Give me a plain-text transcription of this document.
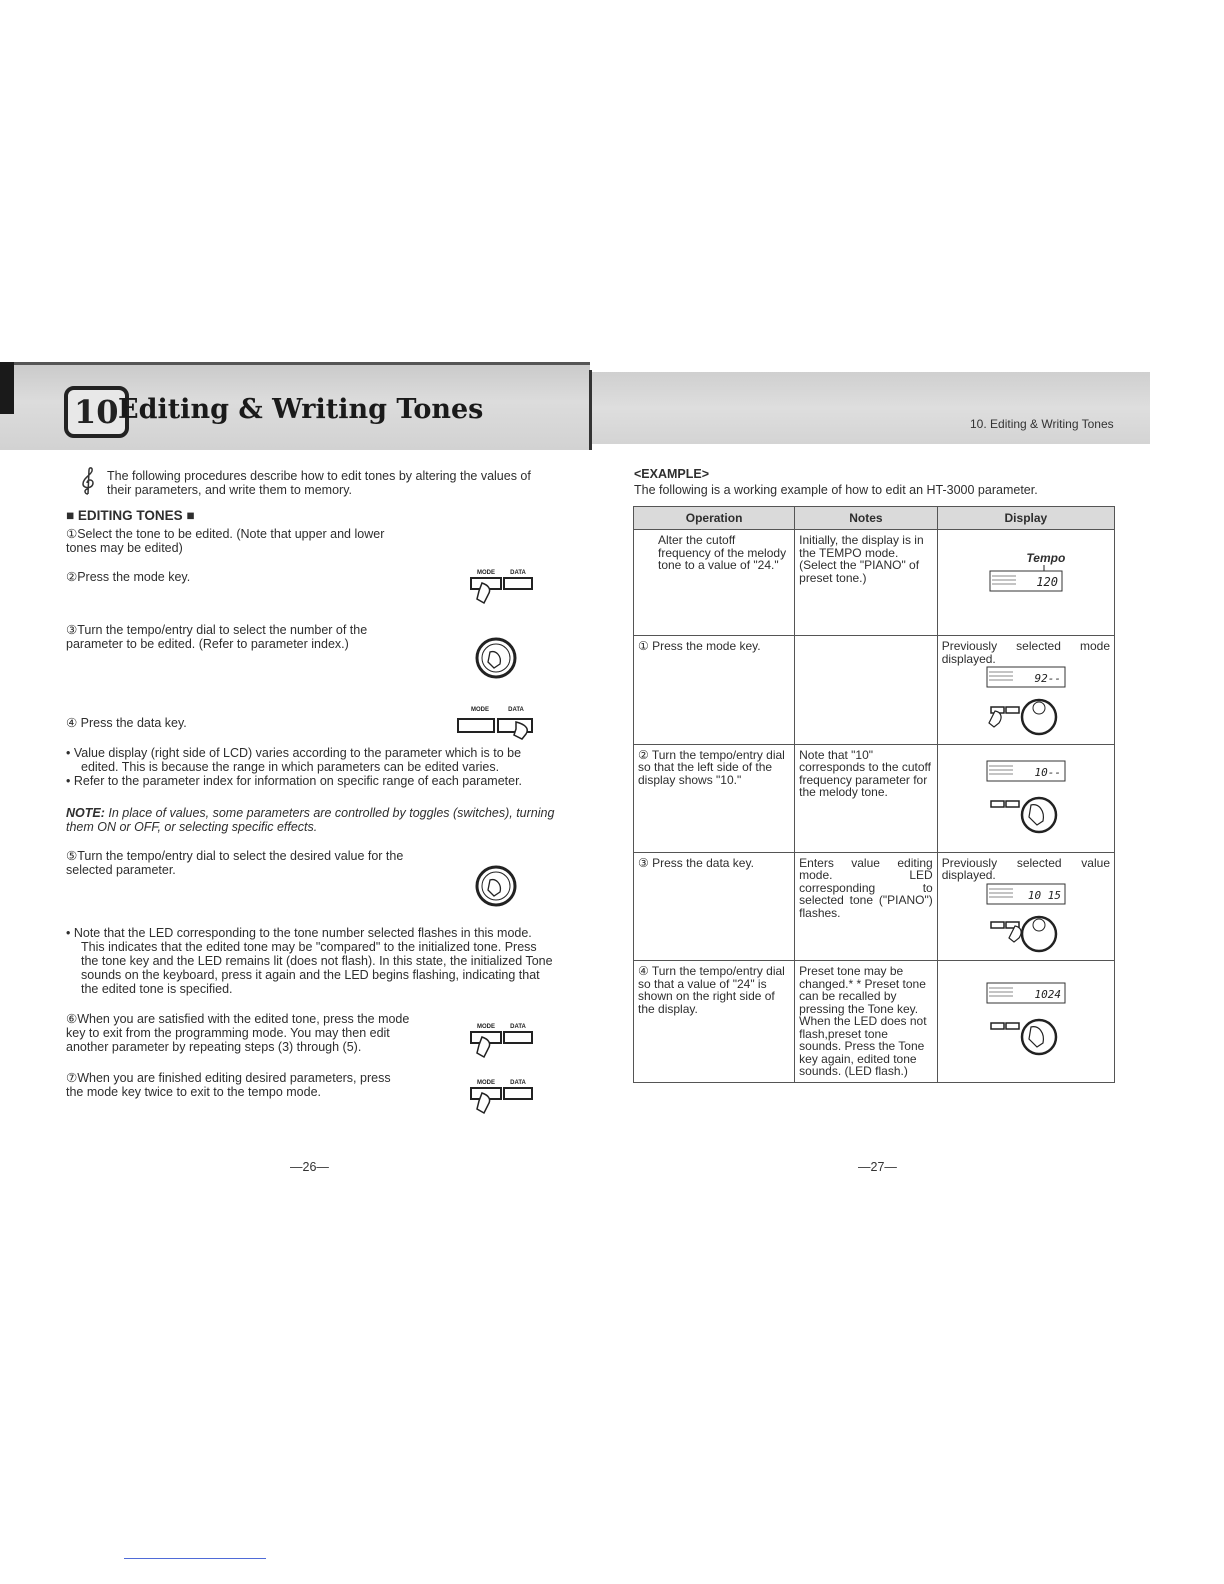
10 Editing & Writing Tones	10. Editing & Writing Tones
The following procedures describe how to edit tones by altering the values of their parameters, and write them to memory.
■ EDITING TONES ■
①Select the tone to be edited. (Note that upper and lower tones may be edited)
②Press the mode key.	MODE	DATA
③Turn the tempo/entry dial to select the number of the parameter to be edited. (Refer to parameter index.)
MODE	DATA
④ Press the data key.

• Value display (right side of LCD) varies according to the parameter which is to be edited. This is because the range in which parameters can be edited varies.

• Refer to the parameter index for information on specific range of each parameter.

NOTE: In place of values, some parameters are controlled by toggles (switches), turning them ON or OFF, or selecting specific effects.
⑤Turn the tempo/entry dial to select the desired value for the selected parameter.

• Note that the LED corresponding to the tone number selected flashes in this mode. This indicates that the edited tone may be "compared" to the initialized tone. Press the tone key and the LED remains lit (does not flash). In this state, the initialized Tone sounds on the keyboard, press it again and the LED begins flashing, indicating that the edited tone is specified.

⑥When you are satisfied with the edited tone, press the mode key to exit from the programming mode. You may then edit another parameter by repeating steps (3) through (5).
MODE	DATA
⑦When you are finished editing desired parameters, press the mode key twice to exit to the tempo mode.
MODE	DATA
—26—
<EXAMPLE>
The following is a working example of how to edit an HT-3000 parameter.
Operation	Notes	Display
Alter the cutoff frequency of the melody tone to a value of "24."	Initially, the display is in the TEMPO mode. (Select the "PIANO" of preset tone.)	Tempo
120

① Press the mode key.		Previously selected mode displayed.
92--

② Turn the tempo/entry dial so that the left side of the display shows "10."	Note that "10" corresponds to the cutoff frequency parameter for the melody tone.	10--

③ Press the data key.	Enters value editing mode. LED corresponding to selected tone ("PIANO") flashes.	Previously selected value displayed.
10 15

④ Turn the tempo/entry dial so that a value of "24" is shown on the right side of the display.	Preset tone may be changed.* * Preset tone can be recalled by pressing the Tone key. When the LED does not flash,preset tone sounds. Press the Tone key again, edited tone sounds. (LED flash.)	1024
—27—
